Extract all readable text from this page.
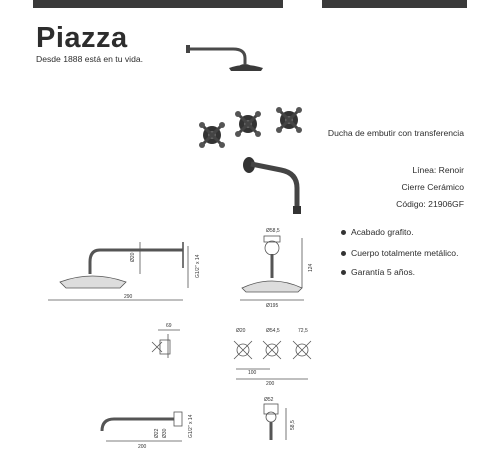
Piazza
Desde 1888 está en tu vida.
Ducha de embutir con transferencia
Línea: Renoir
Cierre Cerámico
Código: 21906GF
Acabado grafito.
Cuerpo totalmente metálico.
Garantía 5 años.
Ø20	G1/2" x 14
290
Ø58,5
124
Ø195
69
Ø20	Ø54,5	72,5
100
200
Ø22 Ø30	G1/2" x 14
200
Ø52
58,5
